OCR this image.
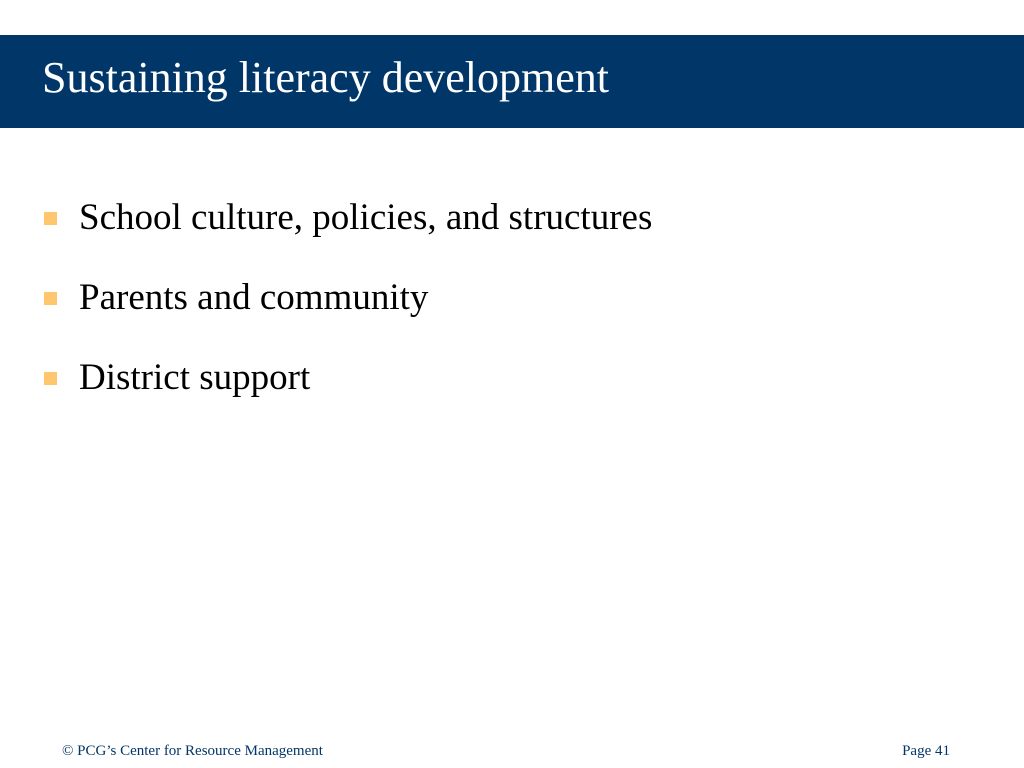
Sustaining literacy development
School culture, policies, and structures
Parents and community
District support
© PCG’s Center for Resource Management	Page 41
